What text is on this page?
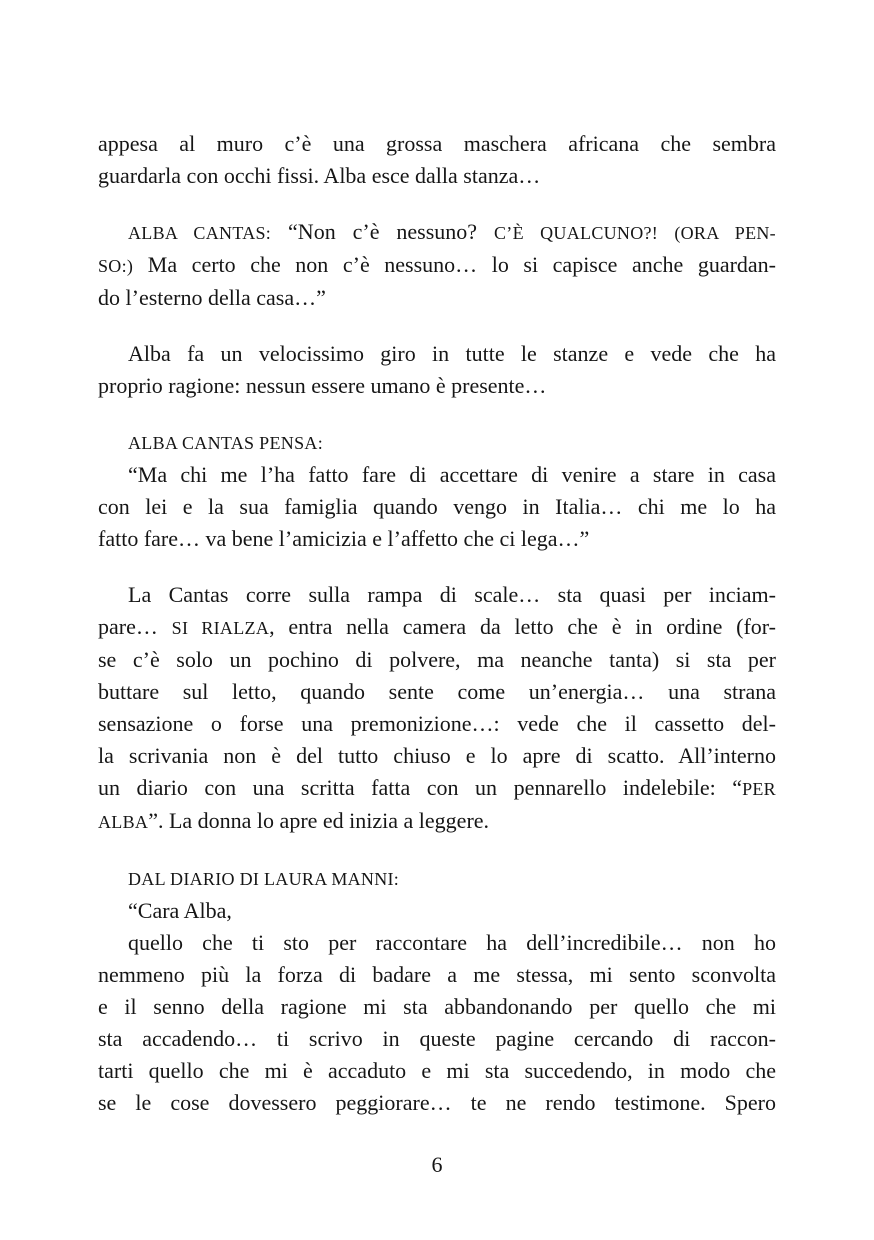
appesa al muro c’è una grossa maschera africana che sembra
guardarla con occhi fissi. Alba esce dalla stanza…
ALBA CANTAS: “Non c’è nessuno? C’È QUALCUNO?! (ORA PEN-
SO:) Ma certo che non c’è nessuno… lo si capisce anche guardan-
do l’esterno della casa…”
Alba fa un velocissimo giro in tutte le stanze e vede che ha
proprio ragione: nessun essere umano è presente…
ALBA CANTAS PENSA:
“Ma chi me l’ha fatto fare di accettare di venire a stare in casa
con lei e la sua famiglia quando vengo in Italia… chi me lo ha
fatto fare… va bene l’amicizia e l’affetto che ci lega…”
La Cantas corre sulla rampa di scale… sta quasi per inciam-
pare… SI RIALZA, entra nella camera da letto che è in ordine (for-
se c’è solo un pochino di polvere, ma neanche tanta) si sta per
buttare sul letto, quando sente come un’energia… una strana
sensazione o forse una premonizione…: vede che il cassetto del-
la scrivania non è del tutto chiuso e lo apre di scatto. All’interno
un diario con una scritta fatta con un pennarello indelebile: “PER
ALBA”. La donna lo apre ed inizia a leggere.
DAL DIARIO DI LAURA MANNI:
“Cara Alba,
quello che ti sto per raccontare ha dell’incredibile… non ho
nemmeno più la forza di badare a me stessa, mi sento sconvolta
e il senno della ragione mi sta abbandonando per quello che mi
sta accadendo… ti scrivo in queste pagine cercando di raccon-
tarti quello che mi è accaduto e mi sta succedendo, in modo che
se le cose dovessero peggiorare… te ne rendo testimone. Spero
6
